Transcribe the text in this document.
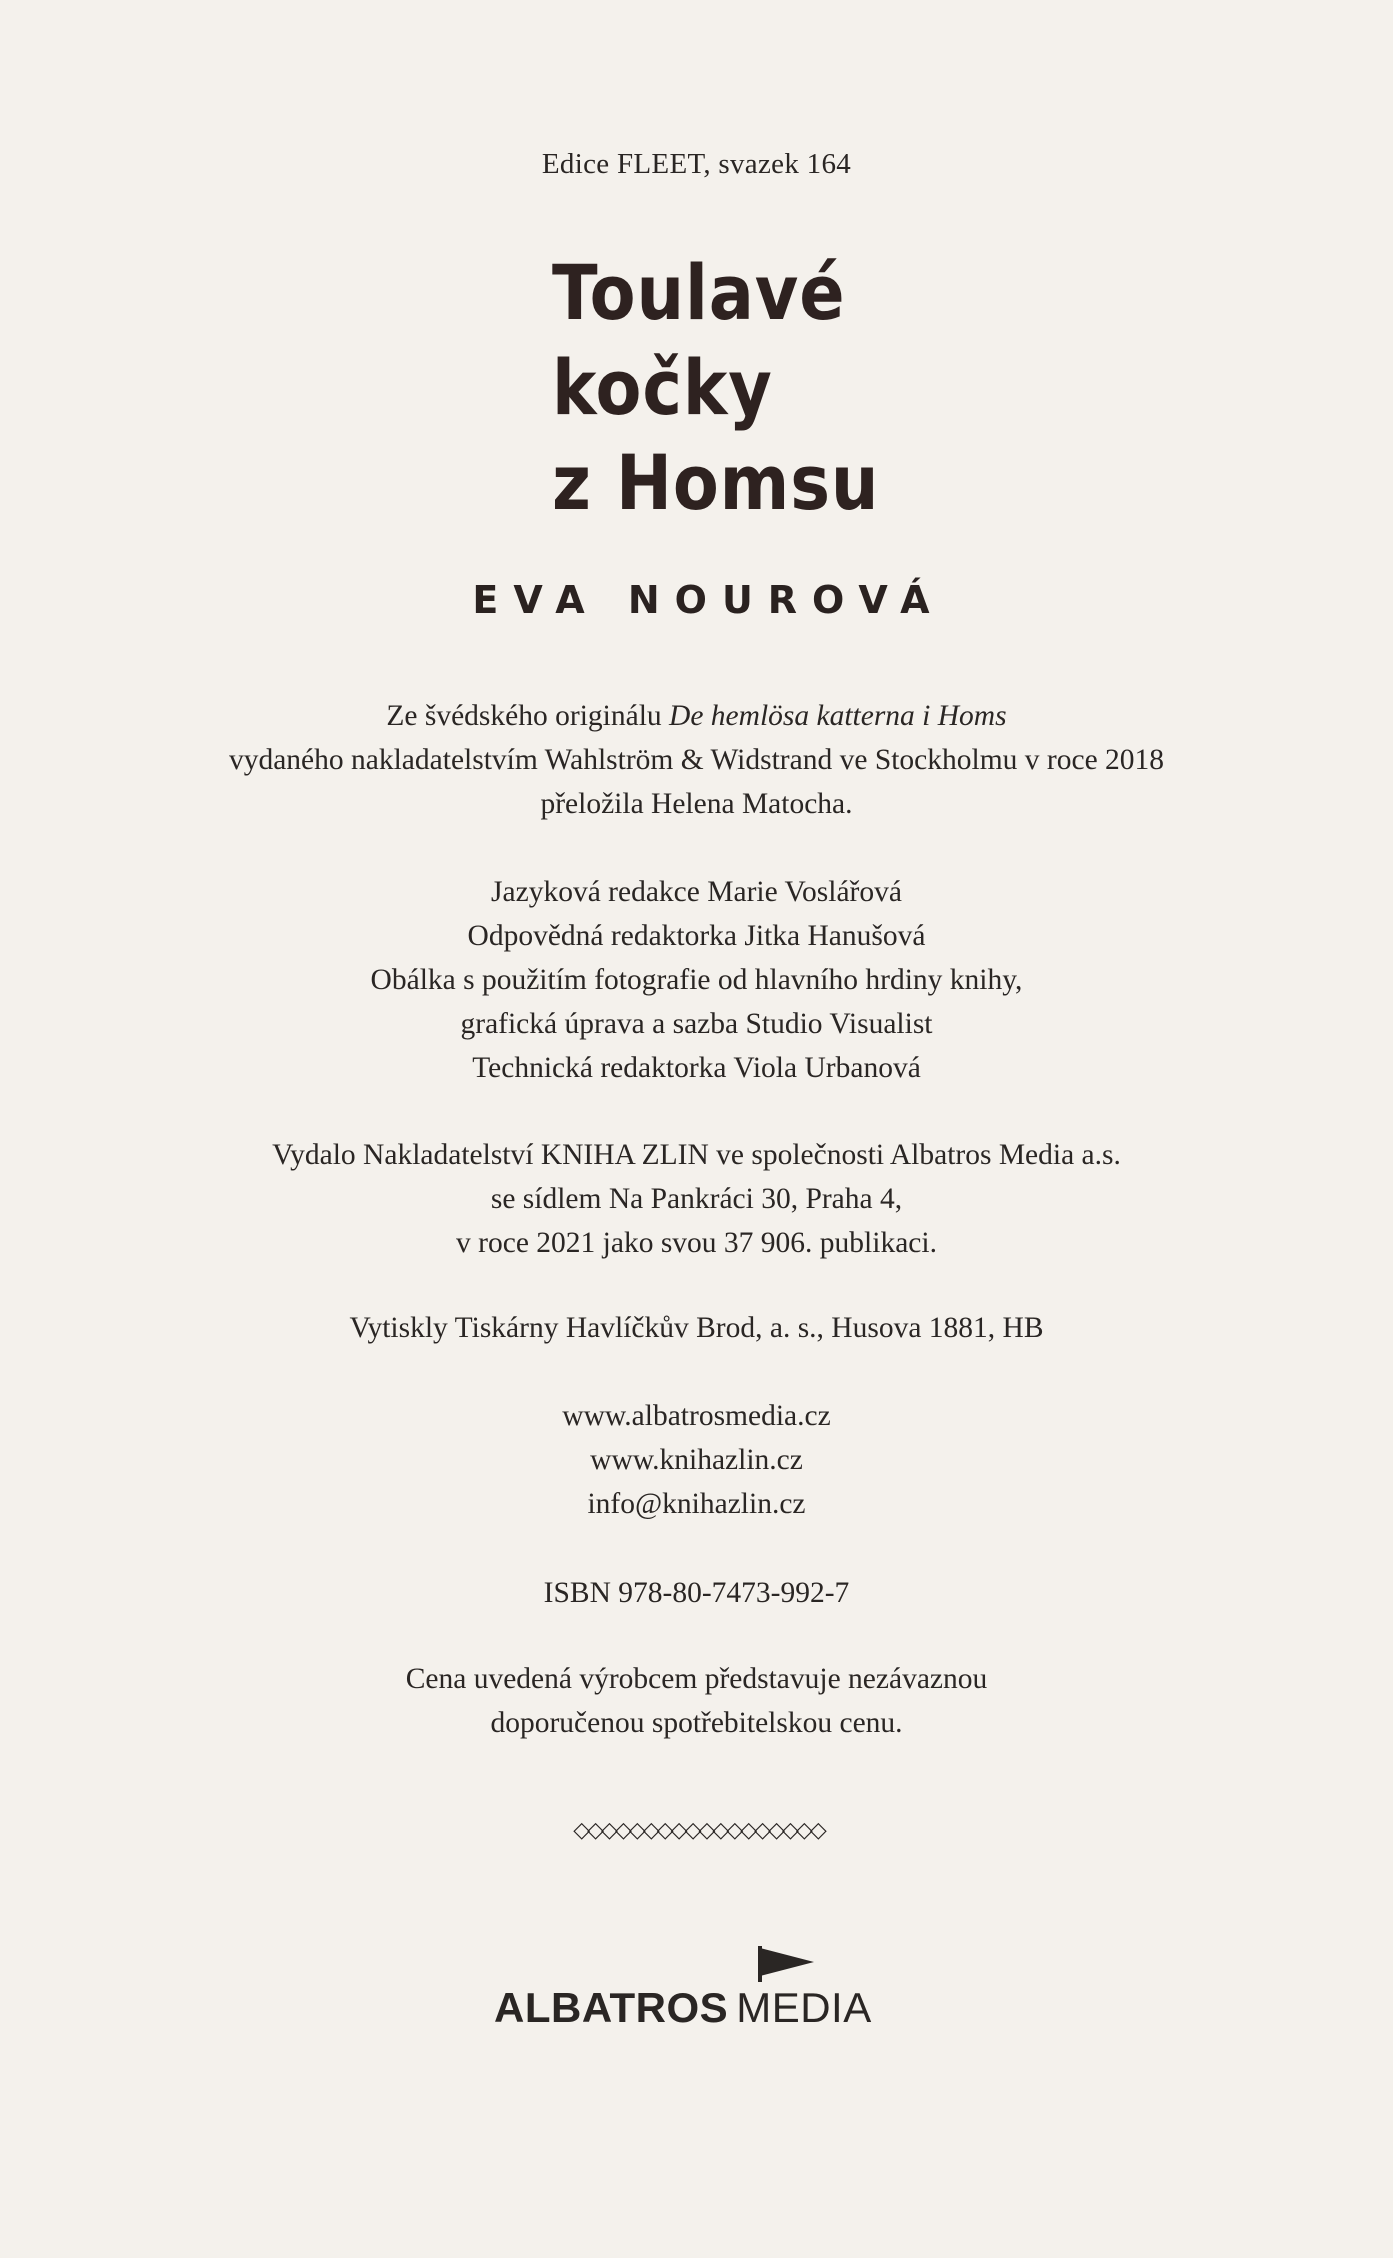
Edice FLEET, svazek 164
Toulavé
kočky
z Homsu
EVA NOUROVÁ
Ze švédského originálu De hemlösa katterna i Homs
vydaného nakladatelstvím Wahlström & Widstrand ve Stockholmu v roce 2018
přeložila Helena Matocha.
Jazyková redakce Marie Voslářová
Odpovědná redaktorka Jitka Hanušová
Obálka s použitím fotografie od hlavního hrdiny knihy,
grafická úprava a sazba Studio Visualist
Technická redaktorka Viola Urbanová
Vydalo Nakladatelství KNIHA ZLIN ve společnosti Albatros Media a.s.
se sídlem Na Pankráci 30, Praha 4,
v roce 2021 jako svou 37 906. publikaci.
Vytiskly Tiskárny Havlíčkův Brod, a. s., Husova 1881, HB
www.albatrosmedia.cz
www.knihazlin.cz
info@knihazlin.cz
ISBN 978-80-7473-992-7
Cena uvedená výrobcem představuje nezávaznou
doporučenou spotřebitelskou cenu.
◇◇◇◇◇◇◇◇◇◇◇◇◇◇◇◇◇◇
ALBATROS MEDIA
